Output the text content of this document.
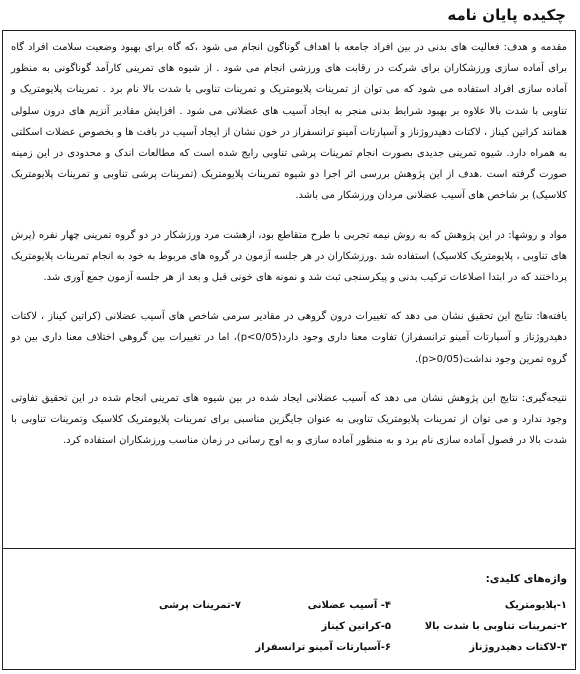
چکیده پایان نامه

مقدمه و هدف: فعالیت های بدنی در بین افراد جامعه با اهداف گوناگون انجام می شود ،که گاه برای بهبود وضعیت سلامت افراد گاه برای آماده سازی ورزشکاران برای شرکت در رقابت های ورزشی انجام می شود . از شیوه های تمرینی کارآمد گوناگونی به منظور آماده سازی افراد استفاده می شود که می توان از تمرینات پلایومتریک و تمرینات تناوبی با شدت بالا نام برد . تمرینات پلایومتریک و تناوبی با شدت بالا علاوه بر بهبود شرایط بدنی منجر به ایجاد آسیب های عضلانی می شود . افزایش مقادیر آنزیم های درون سلولی همانند کراتین کیناز ، لاکتات دهیدروژناز و آسپارتات آمینو ترانسفراز در خون نشان از ایجاد آسیب در بافت ها و بخصوص عضلات اسکلتی به همراه دارد. شیوه تمرینی جدیدی بصورت انجام تمرینات پرشی تناوبی رایج شده است که مطالعات اندک و محدودی در این زمینه صورت گرفته است .هدف از این پژوهش بررسی اثر اجرا دو شیوه تمرینات پلایومتریک (تمرینات پرشی تناوبی و تمرینات پلایومتریک کلاسیک) بر شاخص های آسیب عضلانی مردان ورزشکار می باشد.

مواد و روشها: در این پژوهش که به روش نیمه تجربی با طرح متقاطع بود، ازهشت مرد ورزشکار در دو گروه تمرینی چهار نفره (پرش های تناوبی ، پلایومتریک کلاسیک) استفاده شد .ورزشکاران در هر جلسه آزمون در گروه های مربوط به خود به انجام تمرینات پلایومتریک پرداختند که در ابتدا اصلاعات ترکیب بدنی و پیکرسنجی ثبت شد و نمونه های خونی قبل و بعد از هر جلسه آزمون جمع آوری شد.

یافته‌ها: نتایج این تحقیق نشان می دهد که تغییرات درون گروهی در مقادیر سرمی شاخص های آسیب عضلانی (کراتین کیناز ، لاکتات دهیدروژناز و آسپارتات آمینو ترانسفراز) تفاوت معنا داری وجود دارد(p<0/05)، اما در تغییرات بین گروهی اختلاف معنا داری بین دو گروه تمرین وجود نداشت(p>0/05).

نتیجه‌گیری: نتایج این پژوهش نشان می دهد که آسیب عضلانی ایجاد شده در بین شیوه های تمرینی انجام شده در این تحقیق تفاوتی وجود ندارد و می توان از تمرینات پلایومتریک تناوبی به عنوان جایگزین مناسبی برای تمرینات پلایومتریک کلاسیک وتمرینات تناوبی با شدت بالا در فصول آماده سازی نام برد و به منظور آماده سازی و به اوج رسانی در زمان مناسب ورزشکاران استفاده کرد.

واژه‌های کلیدی:
۱-پلایومتریک
۴- آسیب عضلانی
۷-تمرینات پرشی
۲-تمرینات تناوبی با شدت بالا
۵-کراتین کیناز
۳-لاکتات دهیدروژناز
۶-آسپارتات آمینو ترانسفراز
